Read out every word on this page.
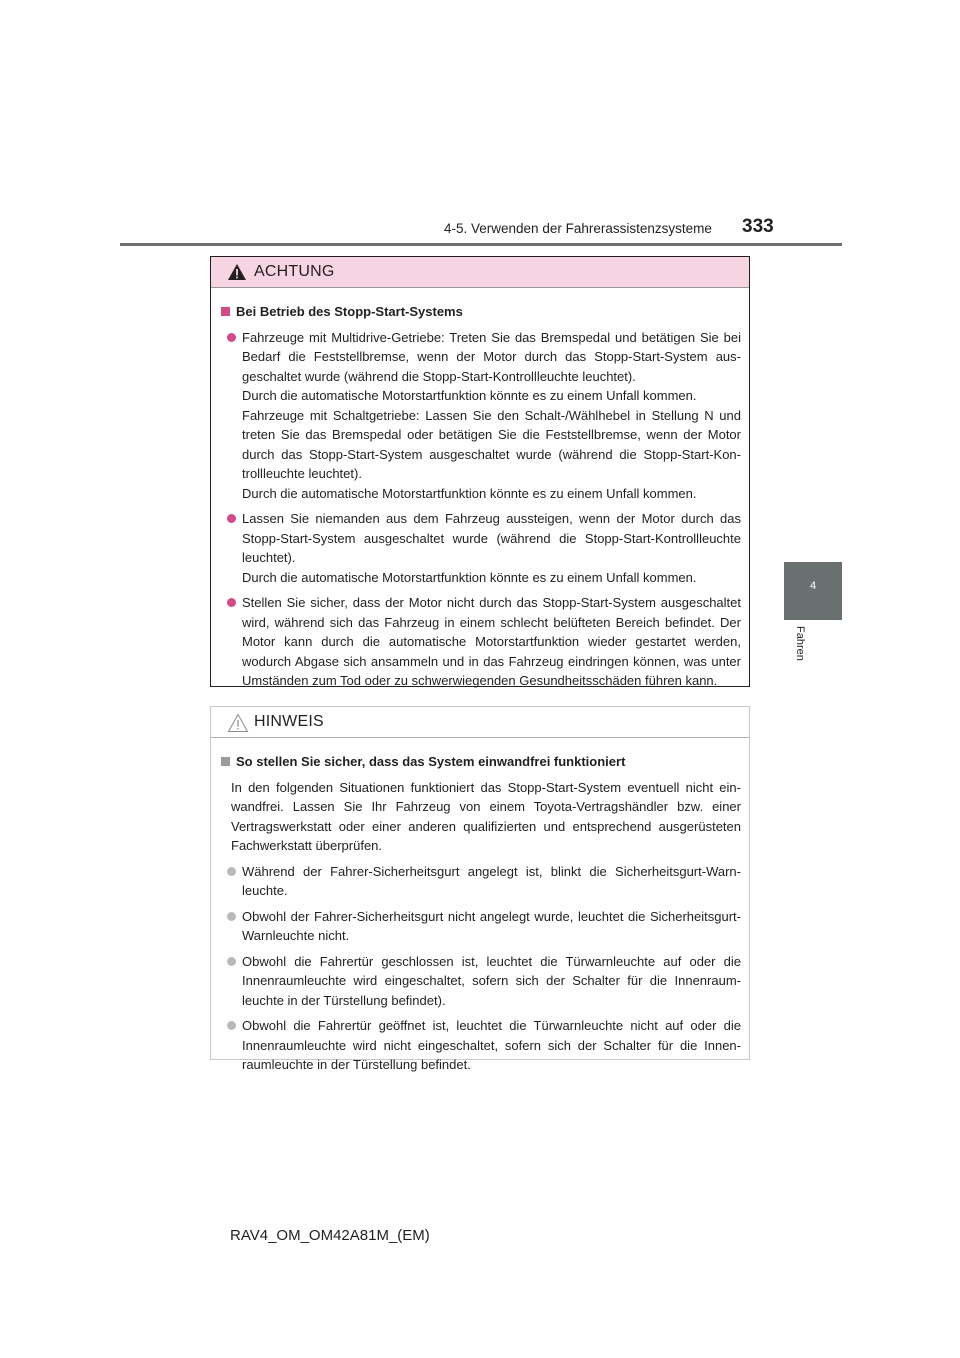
4-5. Verwenden der Fahrerassistenzsysteme 333
4
Fahren
ACHTUNG
Bei Betrieb des Stopp-Start-Systems
Fahrzeuge mit Multidrive-Getriebe: Treten Sie das Bremspedal und betätigen Sie bei Bedarf die Feststellbremse, wenn der Motor durch das Stopp-Start-System ausgeschaltet wurde (während die Stopp-Start-Kontrollleuchte leuchtet).
Durch die automatische Motorstartfunktion könnte es zu einem Unfall kommen.
Fahrzeuge mit Schaltgetriebe: Lassen Sie den Schalt-/Wählhebel in Stellung N und treten Sie das Bremspedal oder betätigen Sie die Feststellbremse, wenn der Motor durch das Stopp-Start-System ausgeschaltet wurde (während die Stopp-Start-Kontrollleuchte leuchtet).
Durch die automatische Motorstartfunktion könnte es zu einem Unfall kommen.
Lassen Sie niemanden aus dem Fahrzeug aussteigen, wenn der Motor durch das Stopp-Start-System ausgeschaltet wurde (während die Stopp-Start-Kontrollleuchte leuchtet).
Durch die automatische Motorstartfunktion könnte es zu einem Unfall kommen.
Stellen Sie sicher, dass der Motor nicht durch das Stopp-Start-System ausgeschaltet wird, während sich das Fahrzeug in einem schlecht belüfteten Bereich befindet. Der Motor kann durch die automatische Motorstartfunktion wieder gestartet werden, wodurch Abgase sich ansammeln und in das Fahrzeug eindringen können, was unter Umständen zum Tod oder zu schwerwiegenden Gesundheitsschäden führen kann.
HINWEIS
So stellen Sie sicher, dass das System einwandfrei funktioniert
In den folgenden Situationen funktioniert das Stopp-Start-System eventuell nicht einwandfrei. Lassen Sie Ihr Fahrzeug von einem Toyota-Vertragshändler bzw. einer Vertragswerkstatt oder einer anderen qualifizierten und entsprechend ausgerüsteten Fachwerkstatt überprüfen.
Während der Fahrer-Sicherheitsgurt angelegt ist, blinkt die Sicherheitsgurt-Warnleuchte.
Obwohl der Fahrer-Sicherheitsgurt nicht angelegt wurde, leuchtet die Sicherheitsgurt-Warnleuchte nicht.
Obwohl die Fahrertür geschlossen ist, leuchtet die Türwarnleuchte auf oder die Innenraumleuchte wird eingeschaltet, sofern sich der Schalter für die Innenraumleuchte in der Türstellung befindet).
Obwohl die Fahrertür geöffnet ist, leuchtet die Türwarnleuchte nicht auf oder die Innenraumleuchte wird nicht eingeschaltet, sofern sich der Schalter für die Innenraumleuchte in der Türstellung befindet.
RAV4_OM_OM42A81M_(EM)
